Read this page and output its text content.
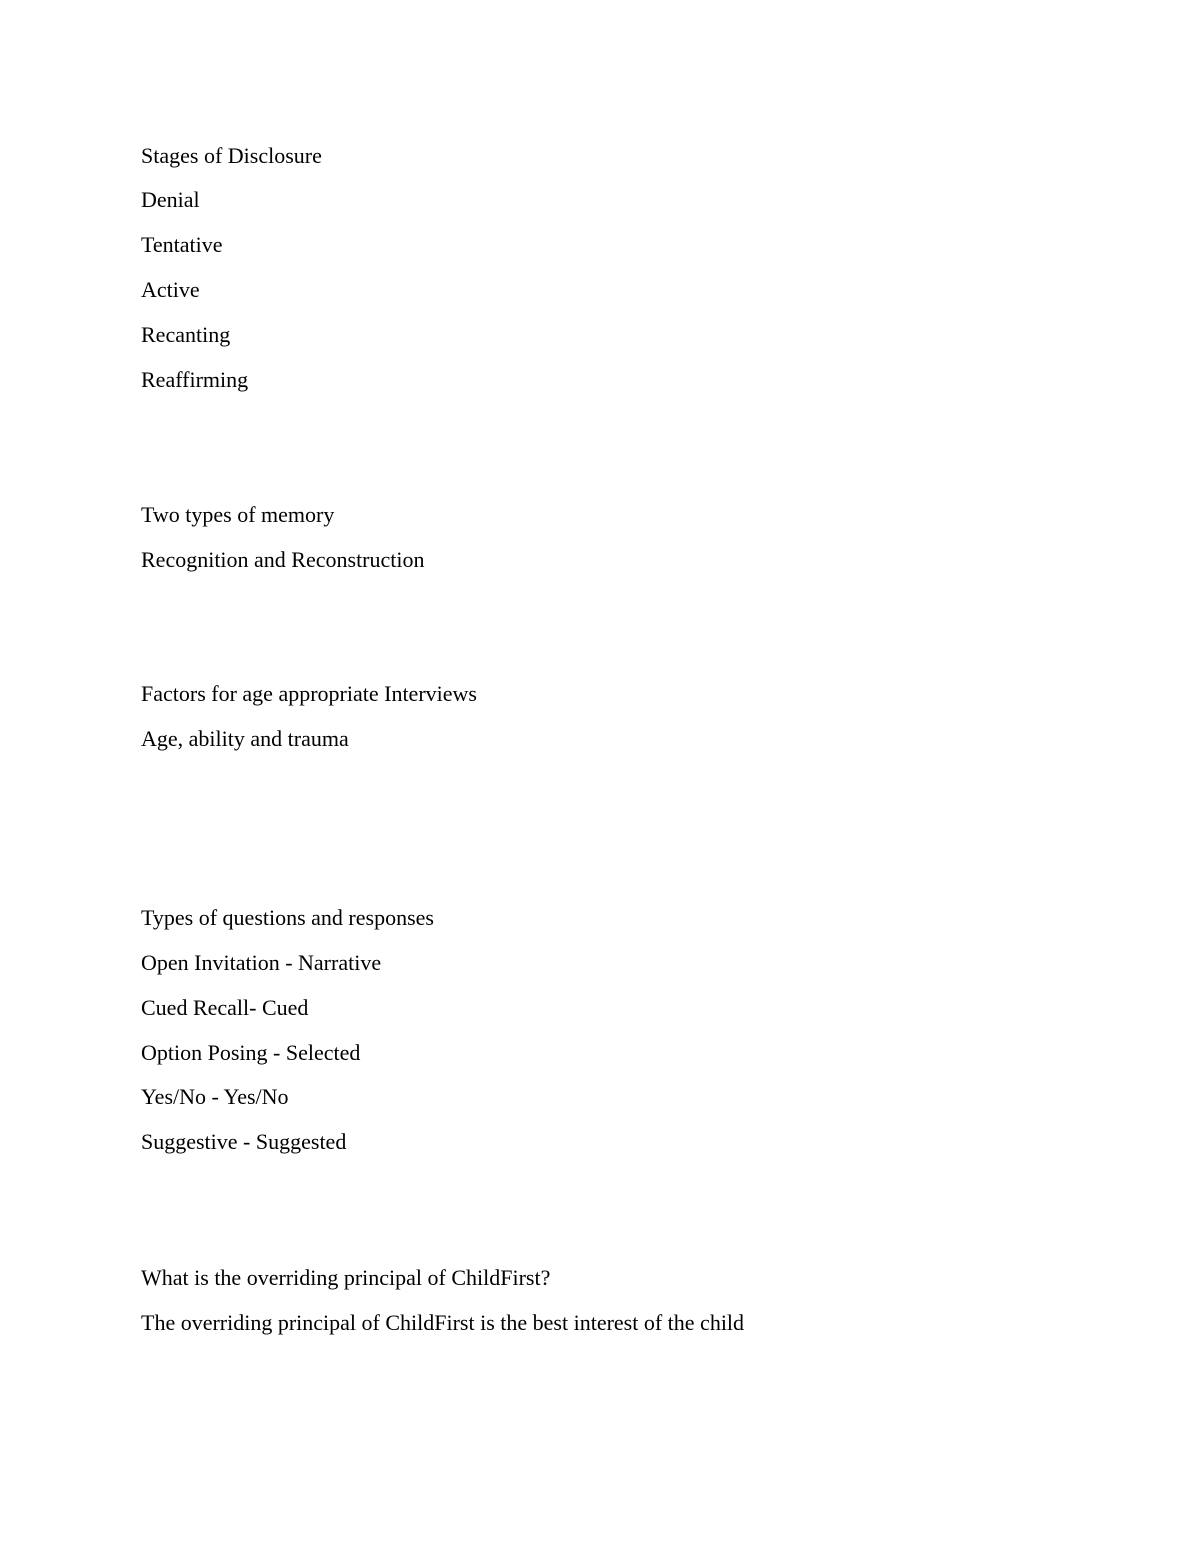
Stages of Disclosure

Denial

Tentative

Active

Recanting

Reaffirming

Two types of memory

Recognition and Reconstruction

Factors for age appropriate Interviews

Age, ability and trauma

Types of questions and responses

Open Invitation - Narrative

Cued Recall- Cued

Option Posing - Selected

Yes/No - Yes/No

Suggestive - Suggested

What is the overriding principal of ChildFirst?

The overriding principal of ChildFirst is the best interest of the child
